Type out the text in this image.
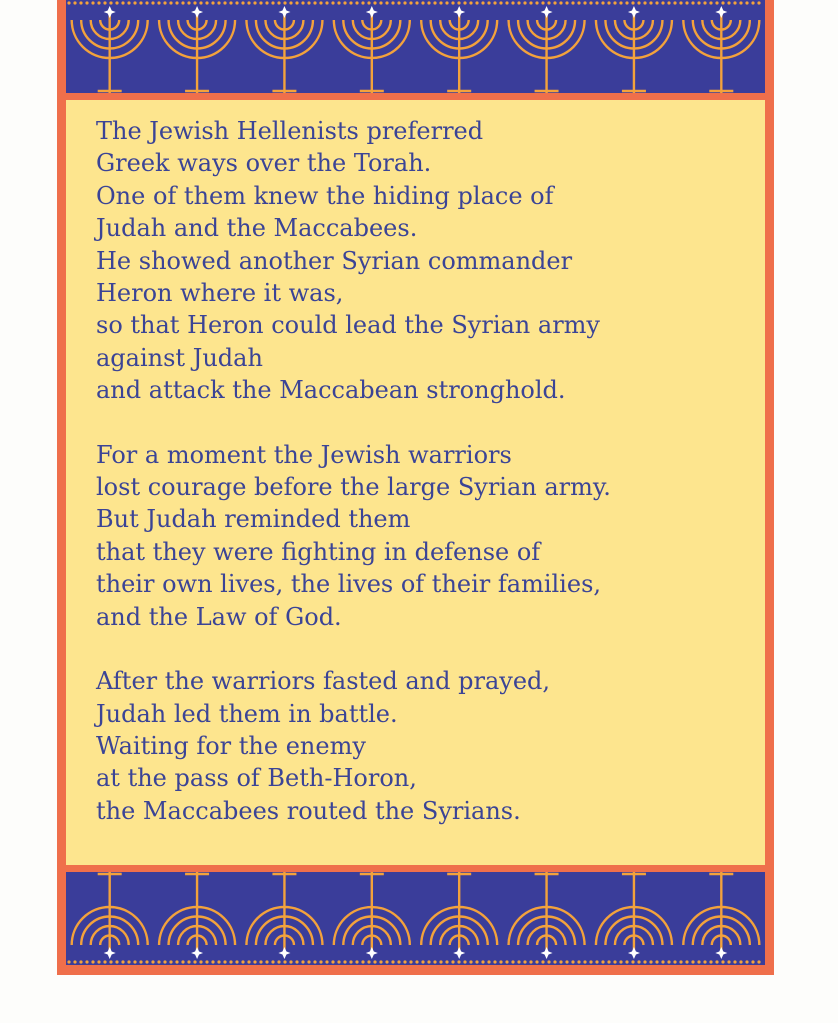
The Jewish Hellenists preferred
Greek ways over the Torah.
One of them knew the hiding place of
Judah and the Maccabees.
He showed another Syrian commander
Heron where it was,
so that Heron could lead the Syrian army
against Judah
and attack the Maccabean stronghold.
For a moment the Jewish warriors
lost courage before the large Syrian army.
But Judah reminded them
that they were fighting in defense of
their own lives, the lives of their families,
and the Law of God.
After the warriors fasted and prayed,
Judah led them in battle.
Waiting for the enemy
at the pass of Beth-Horon,
the Maccabees routed the Syrians.
